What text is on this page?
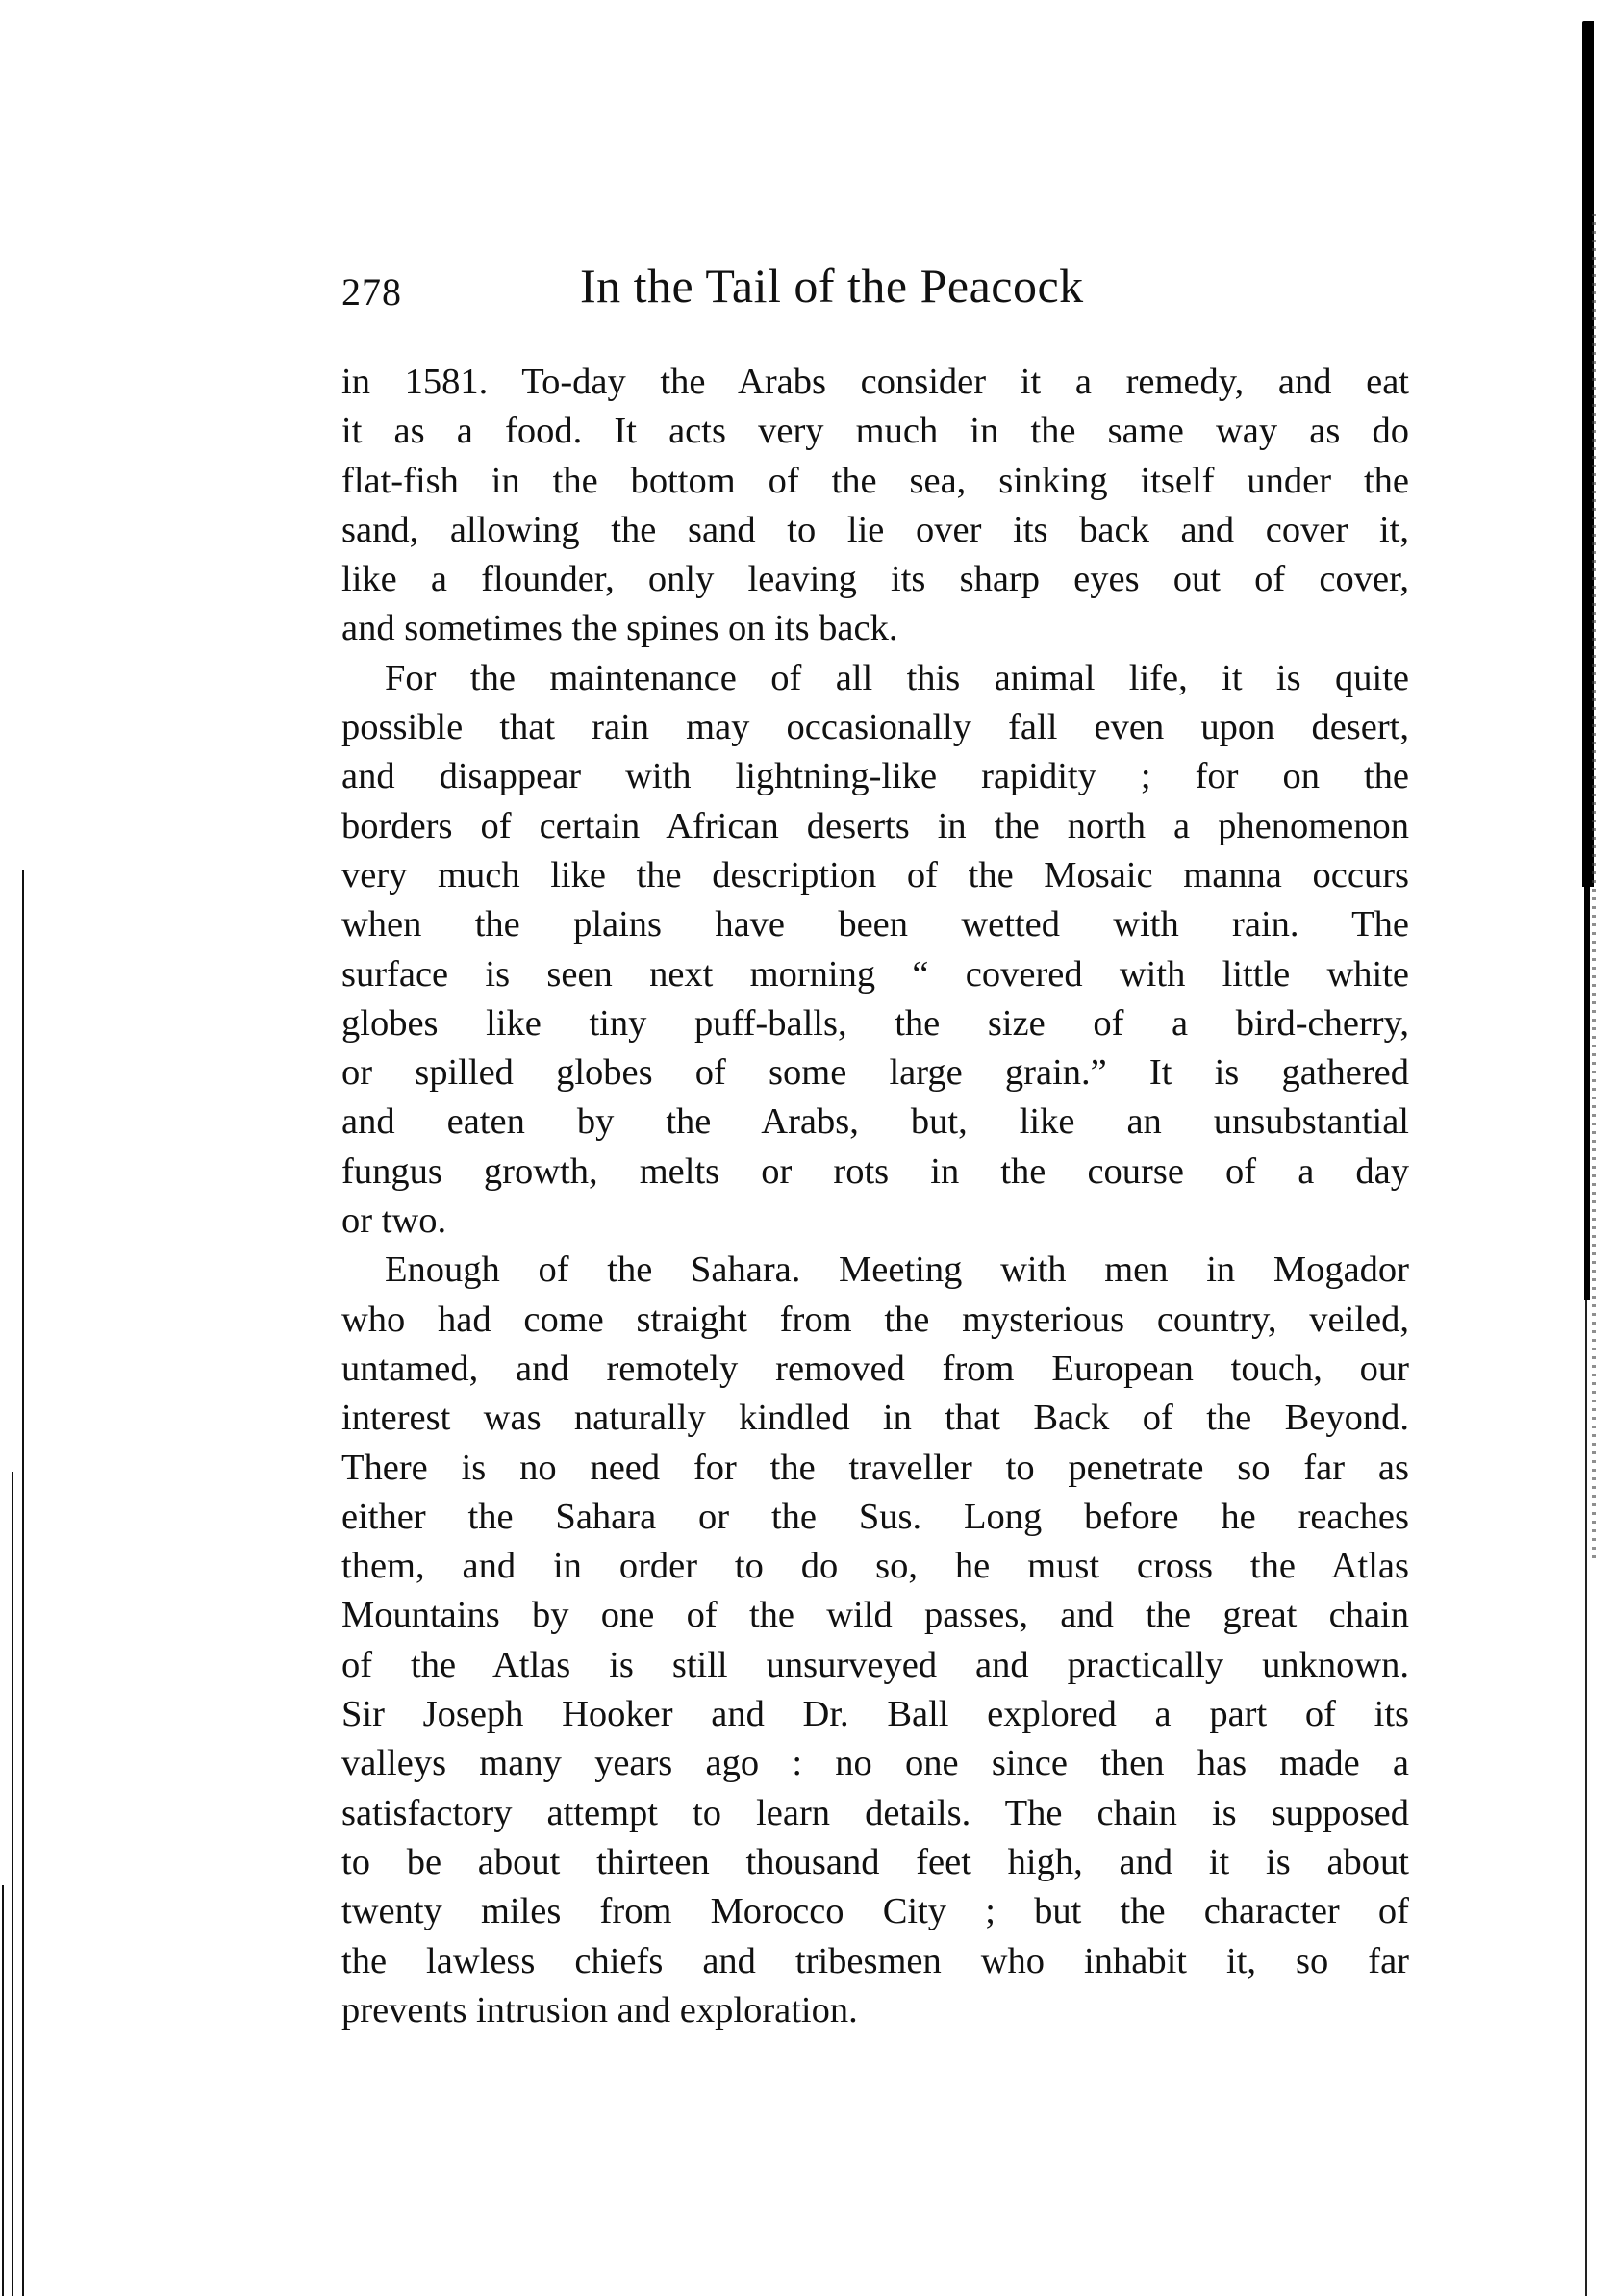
278	In the Tail of the Peacock
in 1581. To-day the Arabs consider it a remedy, and eat
it as a food. It acts very much in the same way as do
flat-fish in the bottom of the sea, sinking itself under the
sand, allowing the sand to lie over its back and cover it,
like a flounder, only leaving its sharp eyes out of cover,
and sometimes the spines on its back.
For the maintenance of all this animal life, it is quite
possible that rain may occasionally fall even upon desert,
and disappear with lightning-like rapidity ; for on the
borders of certain African deserts in the north a phenomenon
very much like the description of the Mosaic manna occurs
when the plains have been wetted with rain. The
surface is seen next morning “ covered with little white
globes like tiny puff-balls, the size of a bird-cherry,
or spilled globes of some large grain.” It is gathered
and eaten by the Arabs, but, like an unsubstantial
fungus growth, melts or rots in the course of a day
or two.
Enough of the Sahara. Meeting with men in Mogador
who had come straight from the mysterious country, veiled,
untamed, and remotely removed from European touch, our
interest was naturally kindled in that Back of the Beyond.
There is no need for the traveller to penetrate so far as
either the Sahara or the Sus. Long before he reaches
them, and in order to do so, he must cross the Atlas
Mountains by one of the wild passes, and the great chain
of the Atlas is still unsurveyed and practically unknown.
Sir Joseph Hooker and Dr. Ball explored a part of its
valleys many years ago : no one since then has made a
satisfactory attempt to learn details. The chain is supposed
to be about thirteen thousand feet high, and it is about
twenty miles from Morocco City ; but the character of
the lawless chiefs and tribesmen who inhabit it, so far
prevents intrusion and exploration.
